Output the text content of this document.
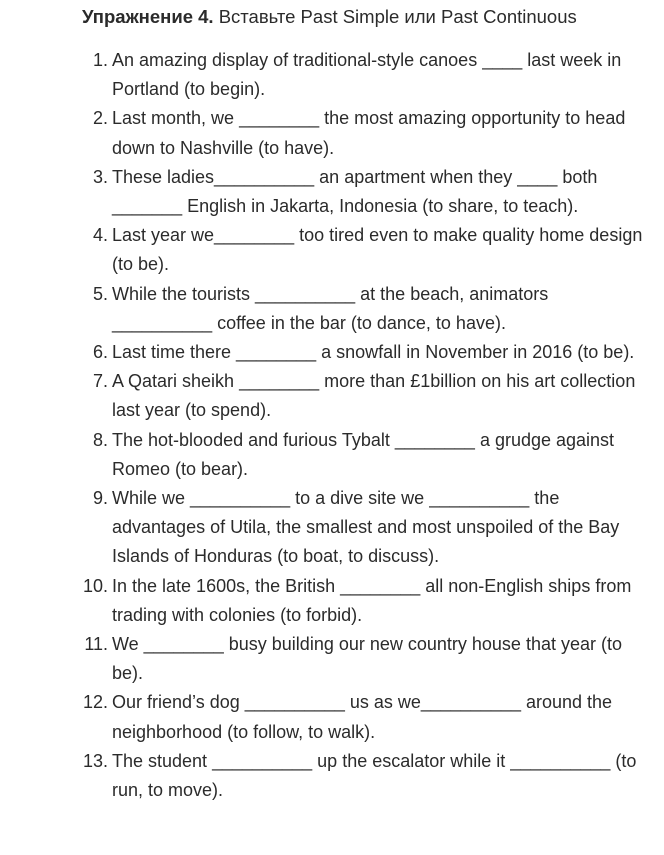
Упражнение 4. Вставьте Past Simple или Past Continuous
1. An amazing display of traditional-style canoes ____ last week in Portland (to begin).
2. Last month, we ________ the most amazing opportunity to head down to Nashville (to have).
3. These ladies__________ an apartment when they ____ both _______ English in Jakarta, Indonesia (to share, to teach).
4. Last year we________ too tired even to make quality home design (to be).
5. While the tourists __________ at the beach, animators __________ coffee in the bar (to dance, to have).
6. Last time there ________ a snowfall in November in 2016 (to be).
7. A Qatari sheikh ________ more than £1billion on his art collection last year (to spend).
8. The hot-blooded and furious Tybalt ________ a grudge against Romeo (to bear).
9. While we __________ to a dive site we __________ the advantages of Utila, the smallest and most unspoiled of the Bay Islands of Honduras (to boat, to discuss).
10. In the late 1600s, the British ________ all non-English ships from trading with colonies (to forbid).
11. We ________ busy building our new country house that year (to be).
12. Our friend’s dog __________ us as we__________ around the neighborhood (to follow, to walk).
13. The student __________ up the escalator while it __________ (to run, to move).
